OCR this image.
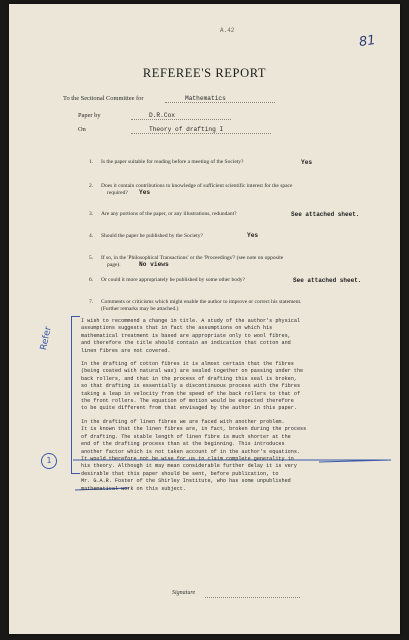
A.42
81
REFEREE'S REPORT
To the Sectional Committee for	Mathematics
Paper by	D.R.Cox
On	Theory of drafting I
1. Is the paper suitable for reading before a meeting of the Society?	Yes
2. Does it contain contributions to knowledge of sufficient scientific interest for the space
required? Yes
3. Are any portions of the paper, or any illustrations, redundant?	See attached sheet.
4. Should the paper be published by the Society?	Yes
5. If so, in the 'Philosophical Transactions' or the 'Proceedings'? (see note on opposite
page).	No views
6. Or could it more appropriately be published by some other body?	See attached sheet.
7. Comments or criticisms which might enable the author to improve or correct his statement.
(Further remarks may be attached.)
Refer
1
I wish to recommend a change in title. A study of the author's physical
assumptions suggests that in fact the assumptions on which his
mathematical treatment is based are appropriate only to wool fibres,
and therefore the title should contain an indication that cotton and
linen fibres are not covered.
In the drafting of cotton fibres it is almost certain that the fibres
(being coated with natural wax) are sealed together on passing under the
back rollers, and that in the process of drafting this seal is broken,
so that drafting is essentially a discontinuous process with the fibres
taking a leap in velocity from the speed of the back rollers to that of
the front rollers. The equation of motion would be expected therefore
to be quite different from that envisaged by the author in this paper.
In the drafting of linen fibres we are faced with another problem.
It is known that the linen fibres are, in fact, broken during the process
of drafting. The stable length of linen fibre is much shorter at the
end of the drafting process than at the beginning. This introduces
another factor which is not taken account of in the author's equations.
It would therefore not be wise for us to claim complete generality in
his theory. Although it may mean considerable further delay it is very
desirable that this paper should be sent, before publication, to
Mr. G.A.R. Foster of the Shirley Institute, who has some unpublished
mathematical work on this subject.
Signature
